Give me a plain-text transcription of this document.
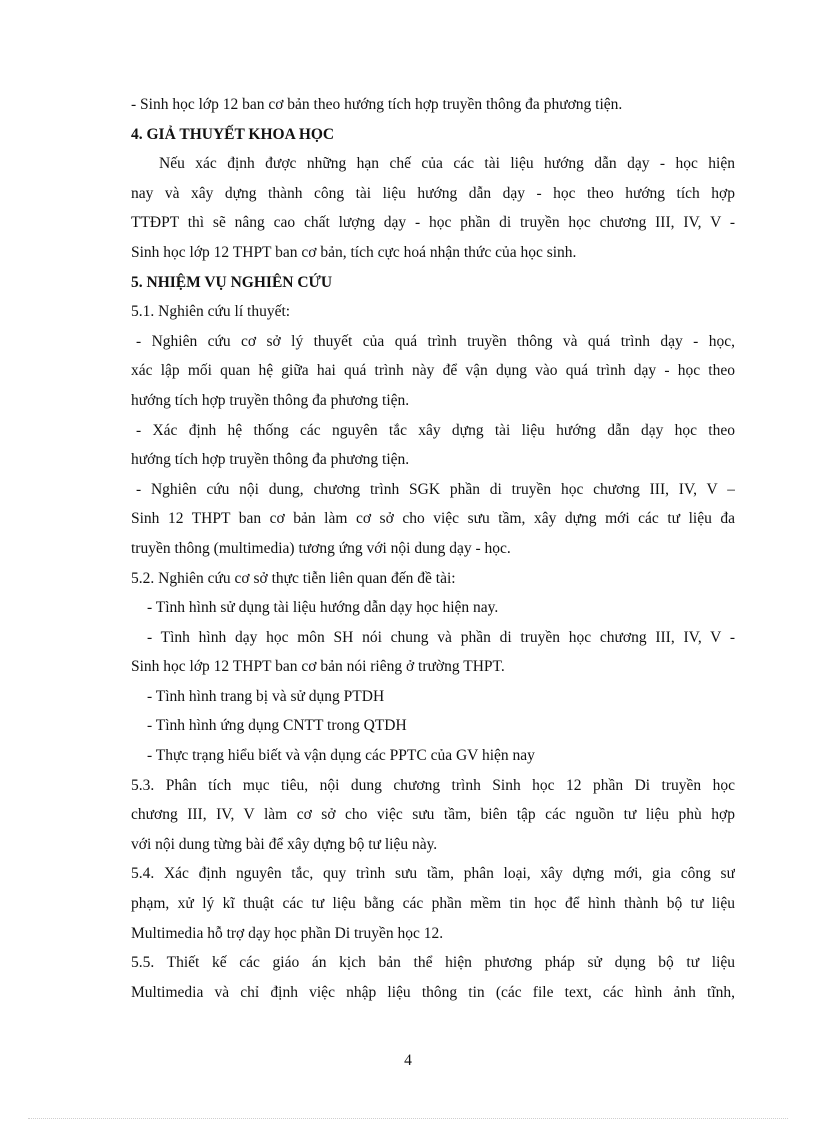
- Sinh học lớp 12 ban cơ bản theo hướng tích hợp truyền thông đa phương tiện.
4. GIẢ THUYẾT KHOA HỌC
Nếu xác định được những hạn chế của các tài liệu hướng dẫn dạy - học hiện
nay và xây dựng thành công tài liệu hướng dẫn dạy - học theo hướng tích hợp
TTĐPT thì sẽ nâng cao chất lượng dạy - học phần di truyền học chương III, IV, V -
Sinh học lớp 12 THPT ban cơ bản, tích cực hoá nhận thức của học sinh.
5. NHIỆM VỤ NGHIÊN CỨU
5.1. Nghiên cứu lí thuyết:
- Nghiên cứu cơ sở lý thuyết của quá trình truyền thông và quá trình dạy - học,
xác lập mối quan hệ giữa hai quá trình này để vận dụng vào quá trình dạy - học theo
hướng tích hợp truyền thông đa phương tiện.
- Xác định hệ thống các nguyên tắc xây dựng tài liệu hướng dẫn dạy học theo
hướng tích hợp truyền thông đa phương tiện.
- Nghiên cứu nội dung, chương trình SGK phần di truyền học chương III, IV, V –
Sinh 12 THPT ban cơ bản làm cơ sở cho việc sưu tầm, xây dựng mới các tư liệu đa
truyền thông (multimedia) tương ứng với nội dung dạy - học.
5.2. Nghiên cứu cơ sở thực tiễn liên quan đến đề tài:
- Tình hình sử dụng tài liệu hướng dẫn dạy học hiện nay.
- Tình hình dạy học môn SH nói chung và phần di truyền học chương III, IV, V -
Sinh học lớp 12 THPT ban cơ bản nói riêng ở trường THPT.
- Tình hình trang bị và sử dụng PTDH
- Tình hình ứng dụng CNTT trong QTDH
- Thực trạng hiểu biết và vận dụng các PPTC của GV hiện nay
5.3. Phân tích mục tiêu, nội dung chương trình Sinh học 12 phần Di truyền học
chương III, IV, V làm cơ sở cho việc sưu tầm, biên tập các nguồn tư liệu phù hợp
với nội dung từng bài để xây dựng bộ tư liệu này.
5.4. Xác định nguyên tắc, quy trình sưu tầm, phân loại, xây dựng mới, gia công sư
phạm, xử lý kĩ thuật các tư liệu bằng các phần mềm tin học để hình thành bộ tư liệu
Multimedia hỗ trợ dạy học phần Di truyền học 12.
5.5. Thiết kế các giáo án kịch bản thể hiện phương pháp sử dụng bộ tư liệu
Multimedia và chỉ định việc nhập liệu thông tin (các file text, các hình ảnh tĩnh,
4
